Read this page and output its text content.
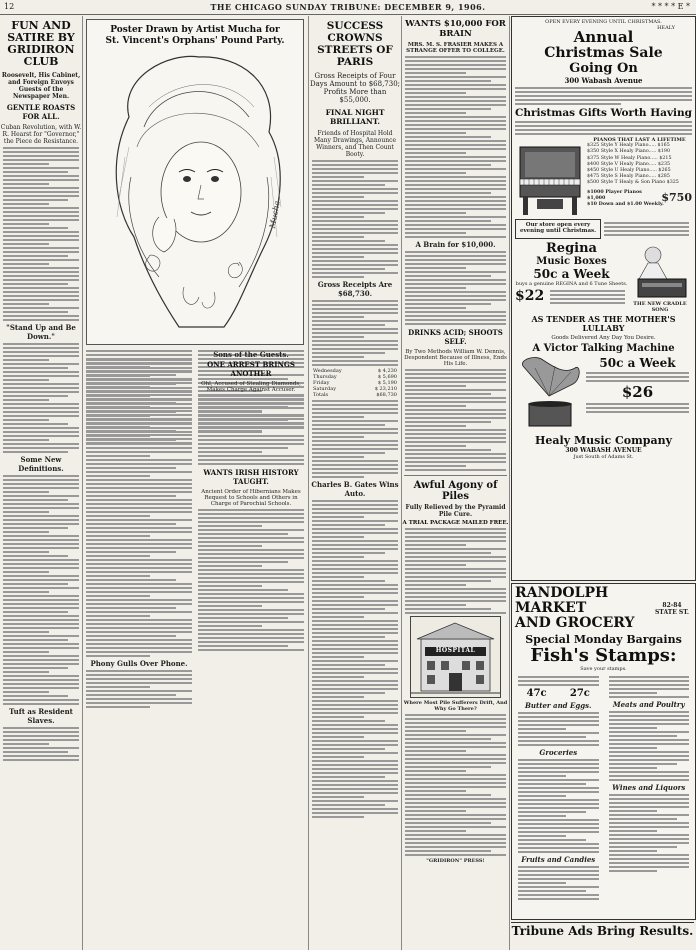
12	THE CHICAGO SUNDAY TRIBUNE: DECEMBER 9, 1906.	* * * * E *
FUN AND SATIRE BY GRIDIRON CLUB
Roosevelt, His Cabinet, and Foreign Envoys Guests of the Newspaper Men.
GENTLE ROASTS FOR ALL.
Cuban Revolution, with W. R. Hearst for "Governor," the Piece de Resistance.
"Stand Up and Be Down."
Some New Definitions.
Tuft as Resident Slaves.
Poster Drawn by Artist Mucha for
St. Vincent's Orphans' Pound Party.
Mucha
Phony Gulls Over Phone.
ONE ARREST BRINGS ANOTHER
Ohl, Accused of Stealing Diamonds, Makes Charge Against Accuser.
WANTS IRISH HISTORY TAUGHT.
Ancient Order of Hibernians Makes Request to Schools and Others in Charge of Parochial Schools.
SUCCESS CROWNS STREETS OF PARIS
Gross Receipts of Four Days Amount to $68,730; Profits More than $55,000.
FINAL NIGHT BRILLIANT.
Friends of Hospital Hold Many Drawings, Announce Winners, and Then Count Booty.
Gross Receipts Are $68,730.
Wednesday	$ 4,230
Thursday	$ 5,690
Friday	$ 5,190
Saturday	$ 23,210
Totals	$68,730
Charles B. Gates Wins Auto.
WANTS $10,000 FOR BRAIN
MRS. M. S. FRASIER MAKES A STRANGE OFFER TO COLLEGE.
A Brain for $10,000.
DRINKS ACID; SHOOTS SELF.
By Two Methods William W. Dennis, Despondent Because of Illness, Ends His Life.
Awful Agony of Piles
Fully Relieved by the Pyramid Pile Cure.
A TRIAL PACKAGE MAILED FREE.
HOSPITAL
Where Most Pile Sufferers Drift, And Why Go There?
"GRIDIRON" PRESS!
OPEN EVERY EVENING UNTIL CHRISTMAS.
HEALY
Annual
Christmas Sale
Going On
300 Wabash Avenue
Christmas Gifts Worth Having
PIANOS THAT LAST A LIFETIME
$325 Style Y Healy Piano..... $165
$350 Style X Healy Piano..... $190
$375 Style W Healy Piano..... $215
$400 Style V Healy Piano..... $235
$450 Style U Healy Piano..... $265
$475 Style S Healy Piano..... $285
$500 Style T Healy & Son Piano $325
$1000 Player Pianos
$1,000	$750
$10 Down and $1.00 Weekly.
Our store open every evening until Christmas.
Regina
Music Boxes
50c a Week
buys a genuine REGINA and 6 Tune Sheets.
$22	THE NEW CRADLE SONG
AS TENDER AS THE MOTHER'S LULLABY
Goods Delivered Any Day You Desire.
A Victor Talking Machine
50c a Week
$26
Healy Music Company
300 WABASH AVENUE
Just South of Adams St.
RANDOLPH MARKET
AND GROCERY
82-84 STATE ST.
Special Monday Bargains
Fish's Stamps:
Save your stamps.
47c 27c
Butter and Eggs.
Groceries
Fruits and Candies
Meats and Poultry
Wines and Liquors
Tribune Ads Bring Results.
